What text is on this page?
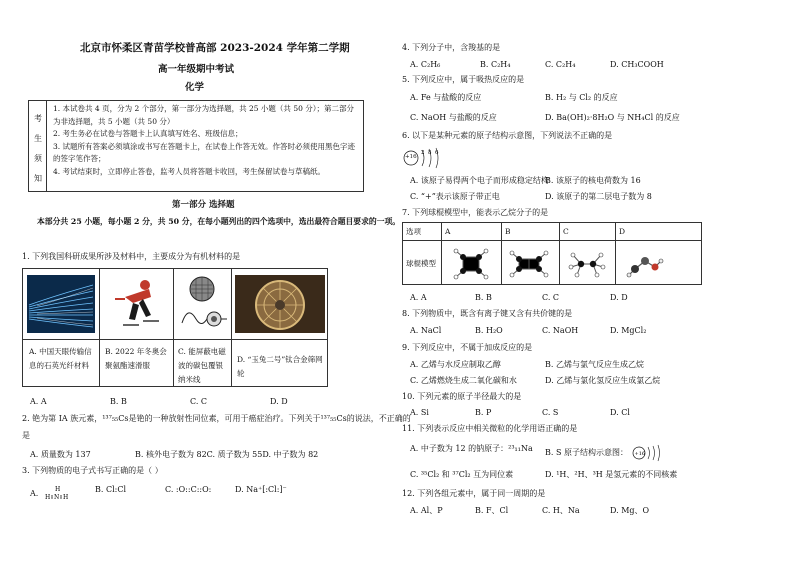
北京市怀柔区青苗学校普高部 2023-2024 学年第二学期
高一年级期中考试
化学
考
生
须
知
1. 本试卷共 4 页，分为 2 个部分，第一部分为选择题，共 25 小题（共 50 分）；第二部分为非选择题，共 5 小题（共 50 分）
2. 考生务必在试卷与答题卡上认真填写姓名、班级信息；
3. 试题所有答案必须填涂或书写在答题卡上，在试卷上作答无效。作答时必须使用黑色字迹的签字笔作答；
4. 考试结束时，立即停止答卷，监考人员将答题卡收回，考生保留试卷与草稿纸。
第一部分 选择题
本部分共 25 小题，每小题 2 分，共 50 分，在每小题列出的四个选项中，选出最符合题目要求的一项。
1. 下列我国科研成果所涉及材料中，主要成分为有机材料的是
A. 中国天眼传输信息的石英光纤材料
B. 2022 年冬奥会聚氨酯速滑服
C. 能屏蔽电磁波的碳包覆银纳米线
D. “玉兔二号”钛合金筛网轮
A. A	B. B	C. C	D. D
2. 铯为第 IA 族元素，¹³⁷₅₅Cs是铯的一种放射性同位素，可用于癌症治疗。下列关于¹³⁷₅₅Cs的说法，不正确的
是
A. 质量数为 137	B. 核外电子数为 82C. 质子数为 55D. 中子数为 82
3. 下列物质的电子式书写正确的是（ ）
A.	H
H N H
B. Cl:Cl	C. :O::C::O:	D. Na⁺[:Cl:]⁻
4. 下列分子中，含羧基的是
A. C₂H₆	B. C₂H₄	C. C₂H₄	D. CH₃COOH
5. 下列反应中，属于吸热反应的是
A. Fe 与盐酸的反应	B. H₂ 与 Cl₂ 的反应
C. NaOH 与盐酸的反应	D. Ba(OH)₂·8H₂O 与 NH₄Cl 的反应
6. 以下是某种元素的原子结构示意图，下列说法不正确的是
+16
2 8 6
A. 该原子易得两个电子而形成稳定结构
B. 该原子的核电荷数为 16
C. “+”表示该原子带正电	D. 该原子的第二层电子数为 8
7. 下列球棍模型中，能表示乙烷分子的是
选项	A	B	C	D
球棍模型
A. A	B. B	C. C	D. D
8. 下列物质中，既含有离子键又含有共价键的是
A. NaCl	B. H₂O	C. NaOH	D. MgCl₂
9. 下列反应中，不属于加成反应的是
A. 乙烯与水反应制取乙醇	B. 乙烯与氯气反应生成乙烷
C. 乙烯燃烧生成二氧化碳和水	D. 乙烯与氯化氢反应生成氯乙烷
10. 下列元素的原子半径最大的是
A. Si	B. P	C. S	D. Cl
11. 下列表示反应中相关微粒的化学用语正确的是
A. 中子数为 12 的钠原子：²³₁₁Na B. S 原子结构示意图： +16
C. ³⁵Cl₂ 和 ³⁷Cl₂ 互为同位素	D. ¹H、²H、³H 是氢元素的不同核素
12. 下列各组元素中，属于同一周期的是
A. Al、P	B. F、Cl	C. H、Na	D. Mg、O
